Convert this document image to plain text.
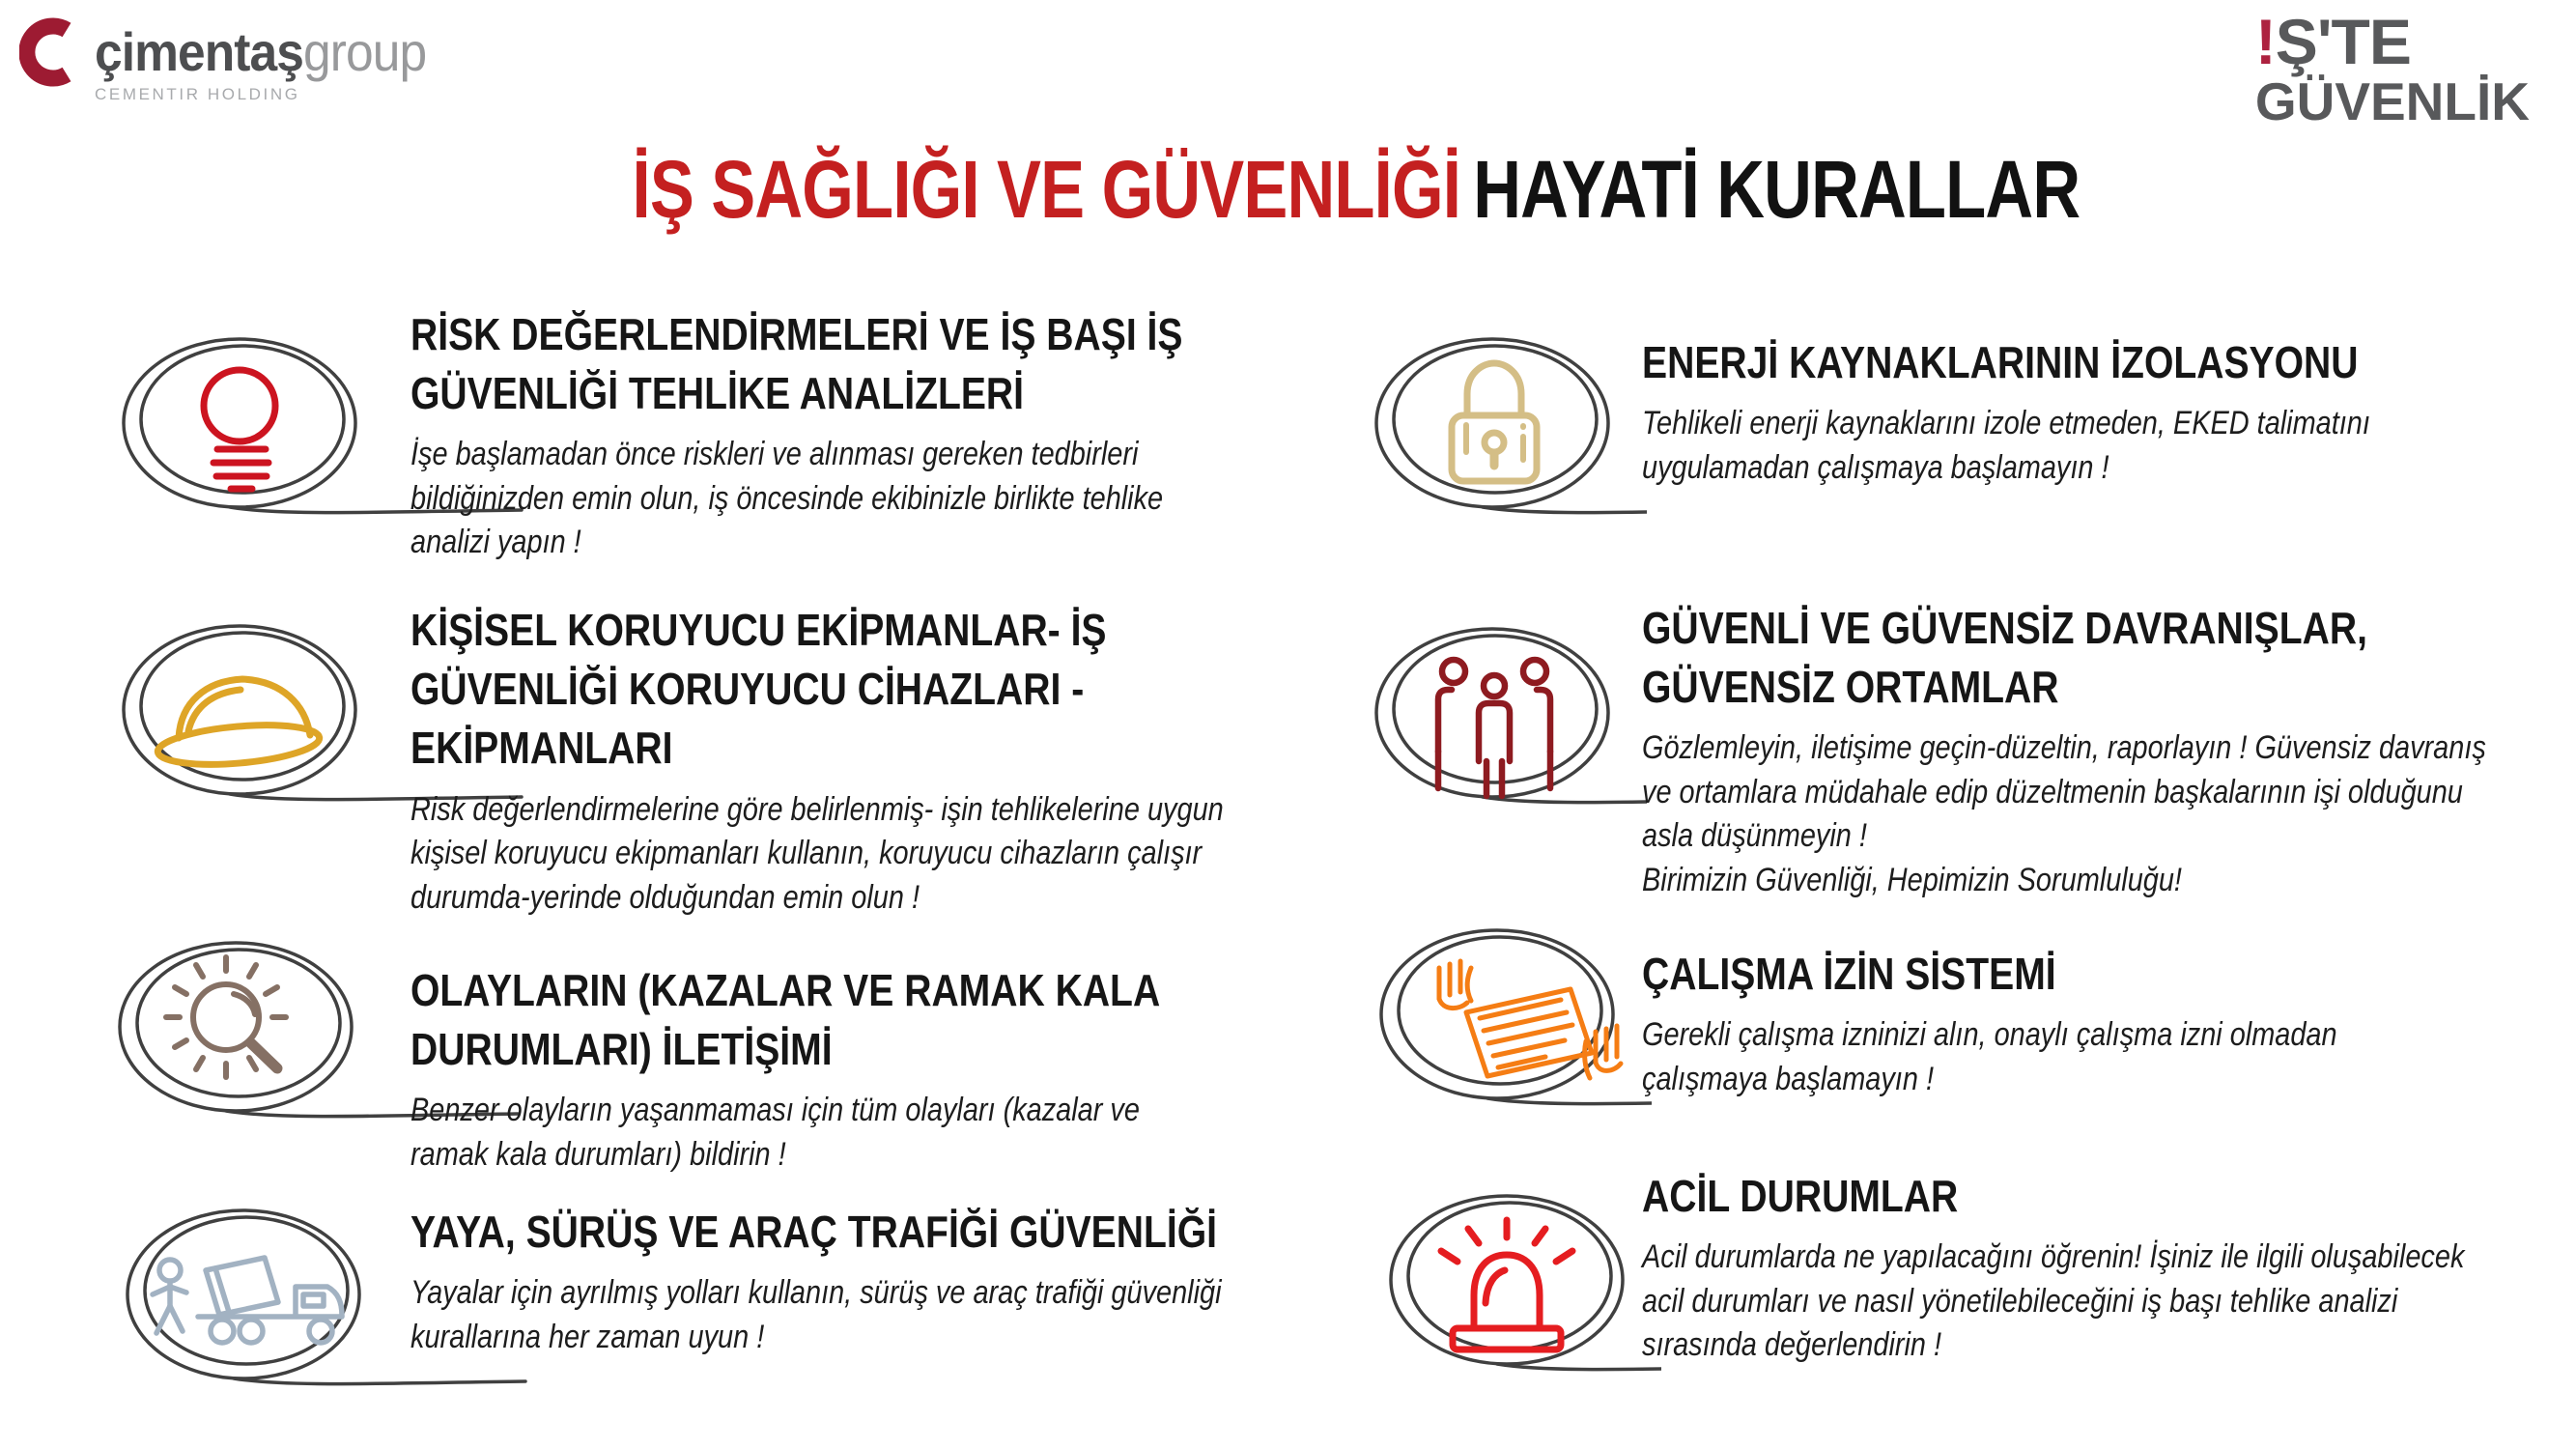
çimentaşgroup
CEMENTIR HOLDING
!Ş'TE
GÜVENLİK
İŞ SAĞLIĞI VE GÜVENLİĞİ HAYATİ KURALLAR
RİSK DEĞERLENDİRMELERİ VE İŞ BAŞI İŞ GÜVENLİĞİ TEHLİKE ANALİZLERİ

İşe başlamadan önce riskleri ve alınması gereken tedbirleri bildiğinizden emin olun, iş öncesinde ekibinizle birlikte tehlike analizi yapın !

KİŞİSEL KORUYUCU EKİPMANLAR- İŞ GÜVENLİĞİ KORUYUCU CİHAZLARI -EKİPMANLARI

Risk değerlendirmelerine göre belirlenmiş- işin tehlikelerine uygun kişisel koruyucu ekipmanları kullanın, koruyucu cihazların çalışır durumda-yerinde olduğundan emin olun !

OLAYLARIN (KAZALAR VE RAMAK KALA DURUMLARI) İLETİŞİMİ

Benzer olayların yaşanmaması için tüm olayları (kazalar ve ramak kala durumları) bildirin !

YAYA, SÜRÜŞ VE ARAÇ TRAFİĞİ GÜVENLİĞİ

Yayalar için ayrılmış yolları kullanın, sürüş ve araç trafiği güvenliği kurallarına her zaman uyun !

ENERJİ KAYNAKLARININ İZOLASYONU

Tehlikeli enerji kaynaklarını izole etmeden, EKED talimatını uygulamadan çalışmaya başlamayın !

GÜVENLİ VE GÜVENSİZ DAVRANIŞLAR, GÜVENSİZ ORTAMLAR

Gözlemleyin, iletişime geçin-düzeltin, raporlayın ! Güvensiz davranış ve ortamlara müdahale edip düzeltmenin başkalarının işi olduğunu asla düşünmeyin !

Birimizin Güvenliği, Hepimizin Sorumluluğu!

ÇALIŞMA İZİN SİSTEMİ

Gerekli çalışma izninizi alın, onaylı çalışma izni olmadan çalışmaya başlamayın !

ACİL DURUMLAR

Acil durumlarda ne yapılacağını öğrenin! İşiniz ile ilgili oluşabilecek acil durumları ve nasıl yönetilebileceğini iş başı tehlike analizi sırasında değerlendirin !
